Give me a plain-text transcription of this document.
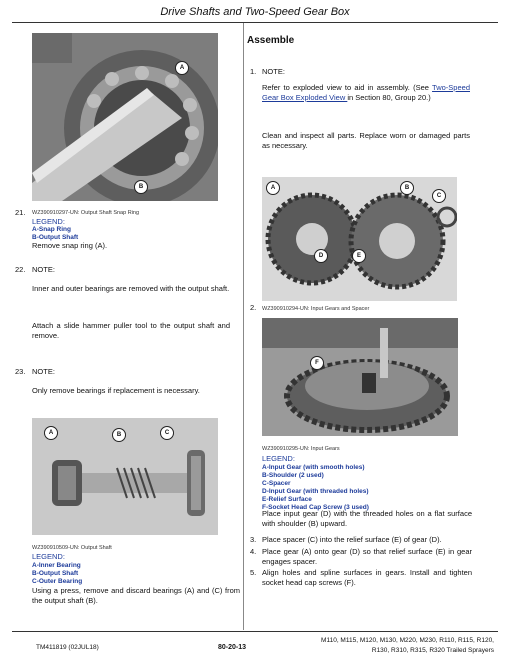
Drive Shafts and Two-Speed Gear Box
A
B
21. WZ390910297-UN: Output Shaft Snap Ring
LEGEND:
A-Snap Ring
B-Output Shaft
Remove snap ring (A).
22. NOTE:
Inner and outer bearings are removed with the output shaft.
Attach a slide hammer puller tool to the output shaft and remove.
23. NOTE:
Only remove bearings if replacement is necessary.
A	B	C
WZ390910509-UN: Output Shaft
LEGEND:
A-Inner Bearing
B-Output Shaft
C-Outer Bearing
Using a press, remove and discard bearings (A) and (C) from the output shaft (B).
Assemble
1. NOTE:
Refer to exploded view to aid in assembly. (See Two-Speed Gear Box Exploded View in Section 80, Group 20.)
Clean and inspect all parts. Replace worn or damaged parts as necessary.
A	B
C
D	E
2. WZ390910294-UN: Input Gears and Spacer
F
WZ390910295-UN: Input Gears
LEGEND:
A-Input Gear (with smooth holes)
B-Shoulder (2 used)
C-Spacer
D-Input Gear (with threaded holes)
E-Relief Surface
F-Socket Head Cap Screw (3 used)
Place input gear (D) with the threaded holes on a flat surface with shoulder (B) upward.
3. Place spacer (C) into the relief surface (E) of gear (D).
4. Place gear (A) onto gear (D) so that relief surface (E) in gear engages spacer.
5. Align holes and spline surfaces in gears. Install and tighten socket head cap screws (F).
TM411819 (02JUL18)	80-20-13
M110, M115, M120, M130, M220, M230, R110, R115, R120,
R130, R310, R315, R320 Trailed Sprayers
